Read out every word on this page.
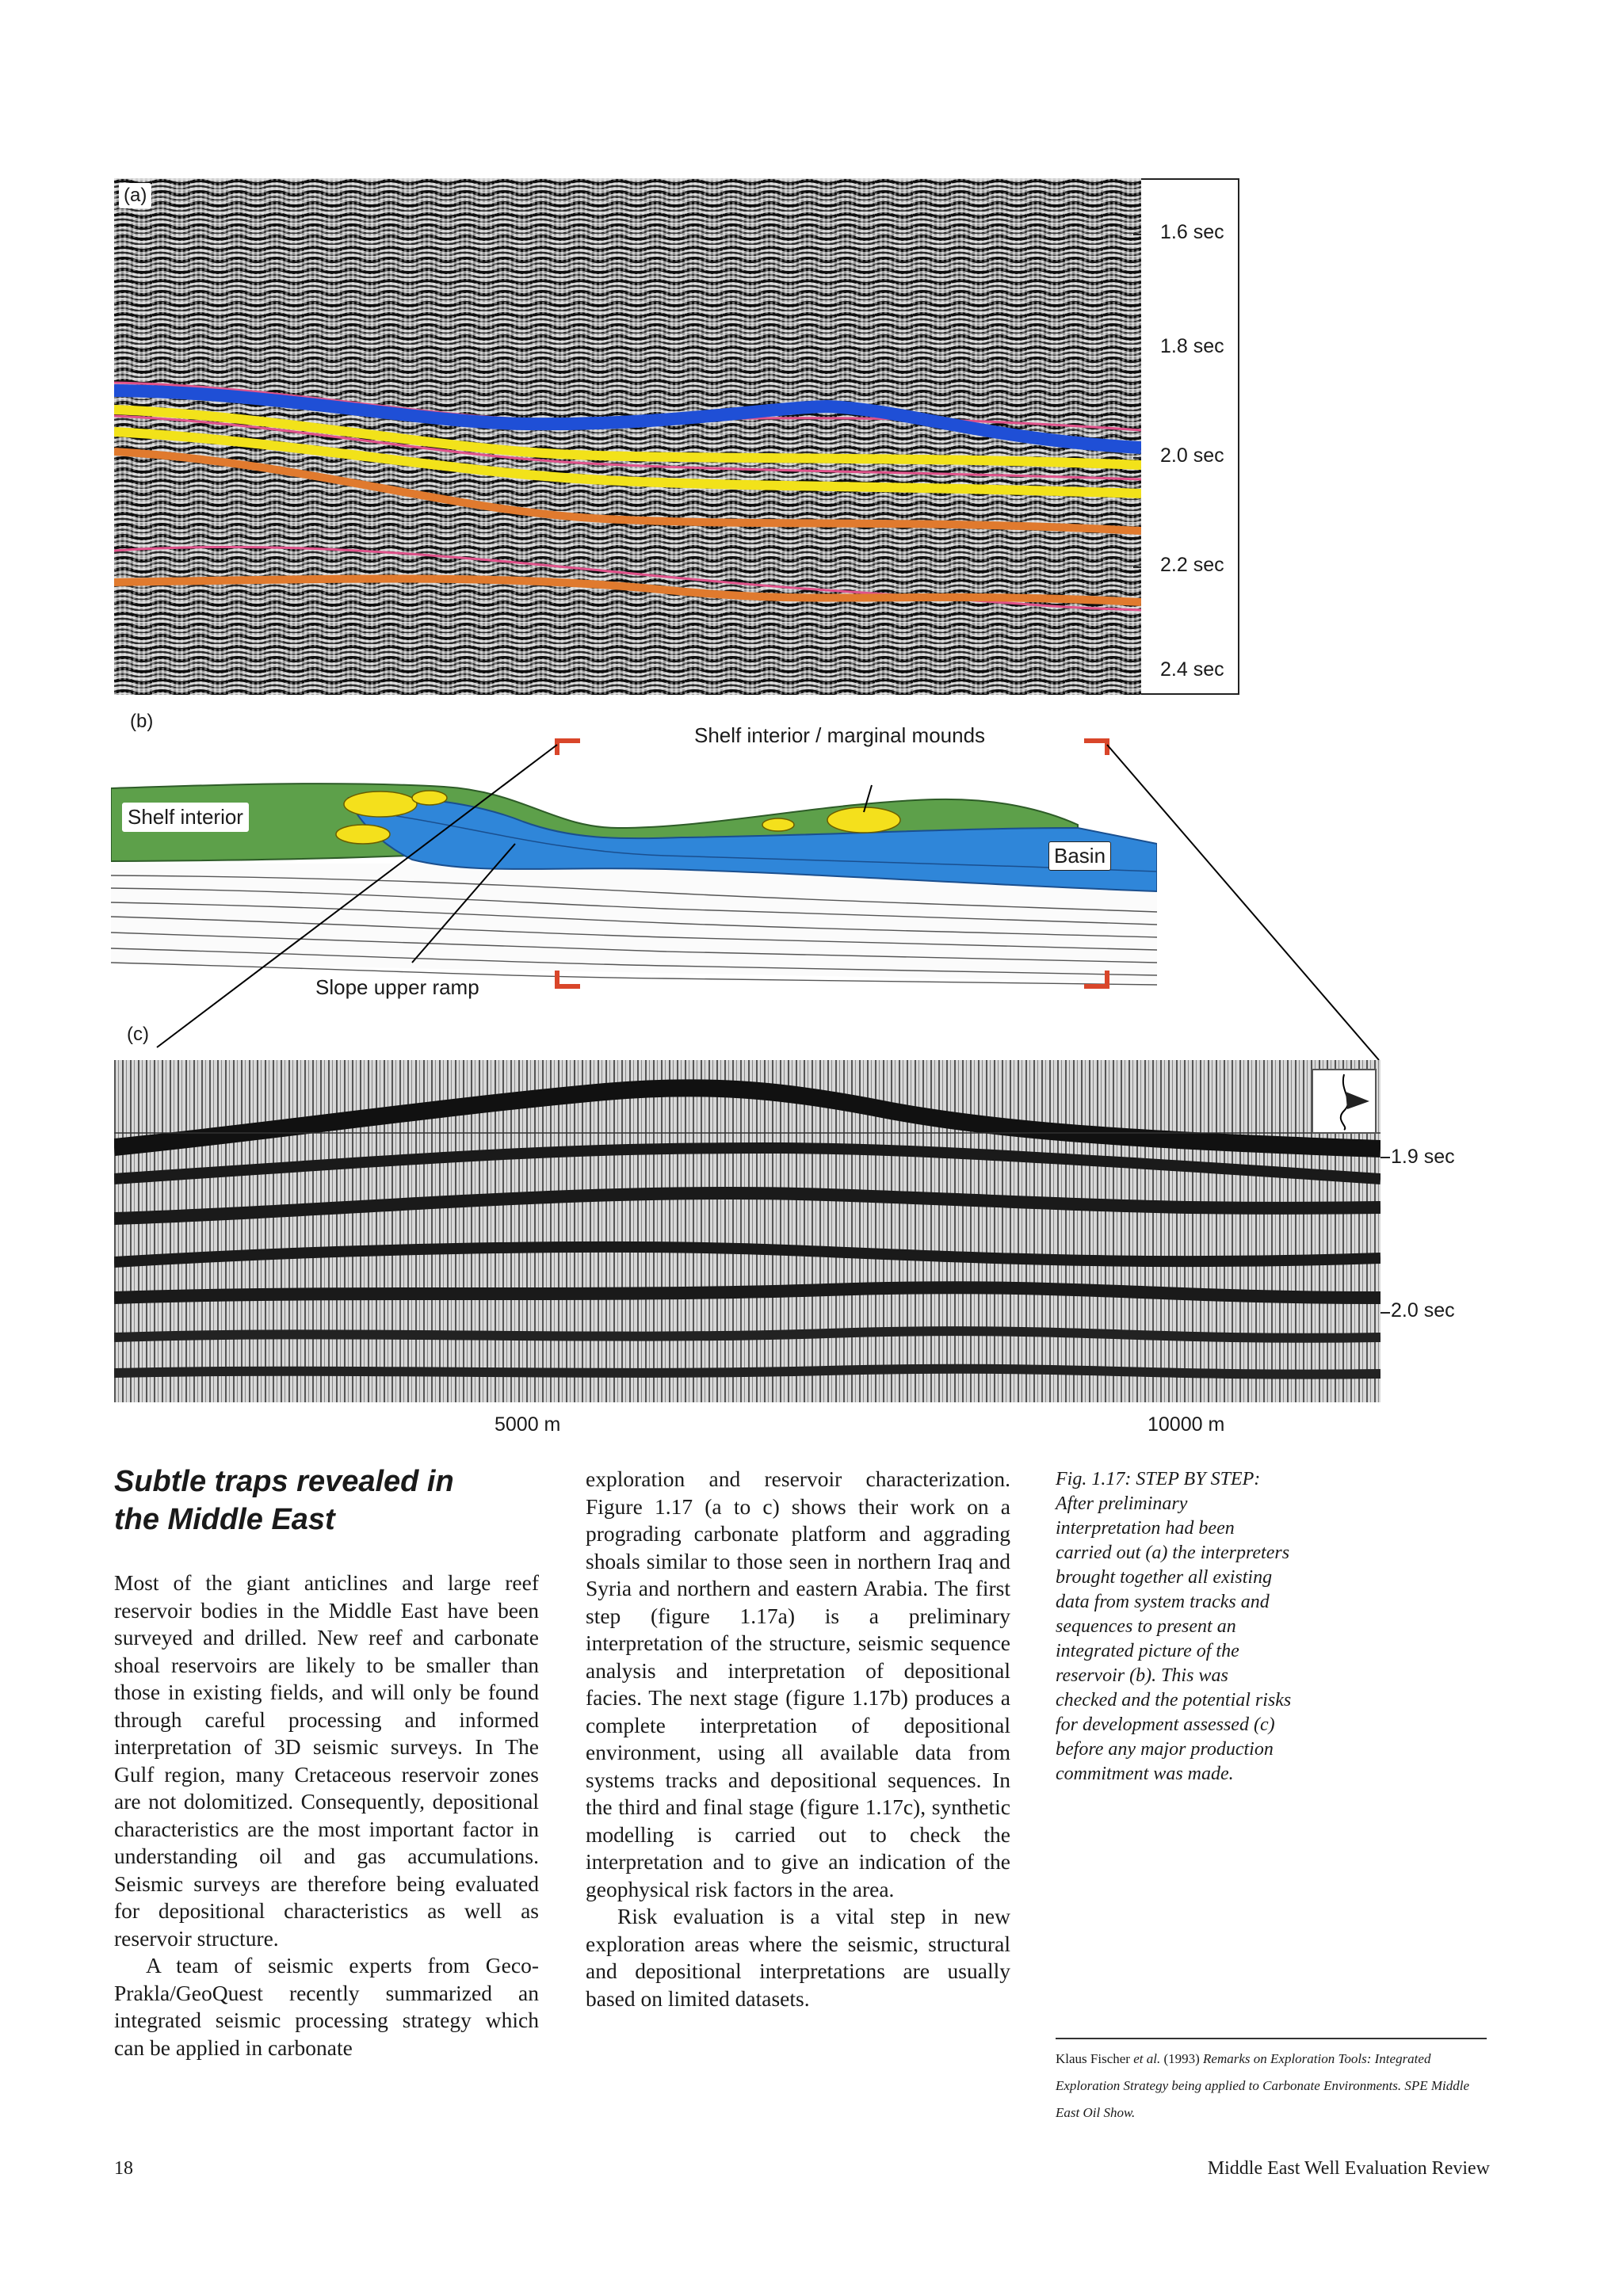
(a)
1.6 sec
1.8 sec
2.0 sec
2.2 sec
2.4 sec
(b)
Shelf interior
Shelf interior / marginal mounds
Basin
Slope upper ramp
(c)
1.9 sec
2.0 sec
5000 m	10000 m
Subtle traps revealed in
the Middle East

Most of the giant anticlines and large reef reservoir bodies in the Middle East have been surveyed and drilled. New reef and carbonate shoal reservoirs are likely to be smaller than those in existing fields, and will only be found through careful processing and informed interpretation of 3D seismic surveys. In The Gulf region, many Cretaceous reservoir zones are not dolomitized. Consequently, depositional characteristics are the most important factor in understanding oil and gas accumulations. Seismic surveys are therefore being evaluated for depositional characteristics as well as reservoir structure.

A team of seismic experts from Geco-Prakla/GeoQuest recently summarized an integrated seismic processing strategy which can be applied in carbonate

exploration and reservoir characterization. Figure 1.17 (a to c) shows their work on a prograding carbonate platform and aggrading shoals similar to those seen in northern Iraq and Syria and northern and eastern Arabia. The first step (figure 1.17a) is a preliminary interpretation of the structure, seismic sequence analysis and interpretation of depositional facies. The next stage (figure 1.17b) produces a complete interpretation of depositional environment, using all available data from systems tracks and depositional sequences. In the third and final stage (figure 1.17c), synthetic modelling is carried out to check the interpretation and to give an indication of the geophysical risk factors in the area.

Risk evaluation is a vital step in new exploration areas where the seismic, structural and depositional interpretations are usually based on limited datasets.

Fig. 1.17: STEP BY STEP:
After preliminary interpretation had been carried out (a) the interpreters brought together all existing data from system tracks and sequences to present an integrated picture of the reservoir (b). This was checked and the potential risks for development assessed (c) before any major production commitment was made.
Klaus Fischer et al. (1993) Remarks on Exploration Tools: Integrated Exploration Strategy being applied to Carbonate Environments. SPE Middle East Oil Show.
18	Middle East Well Evaluation Review
